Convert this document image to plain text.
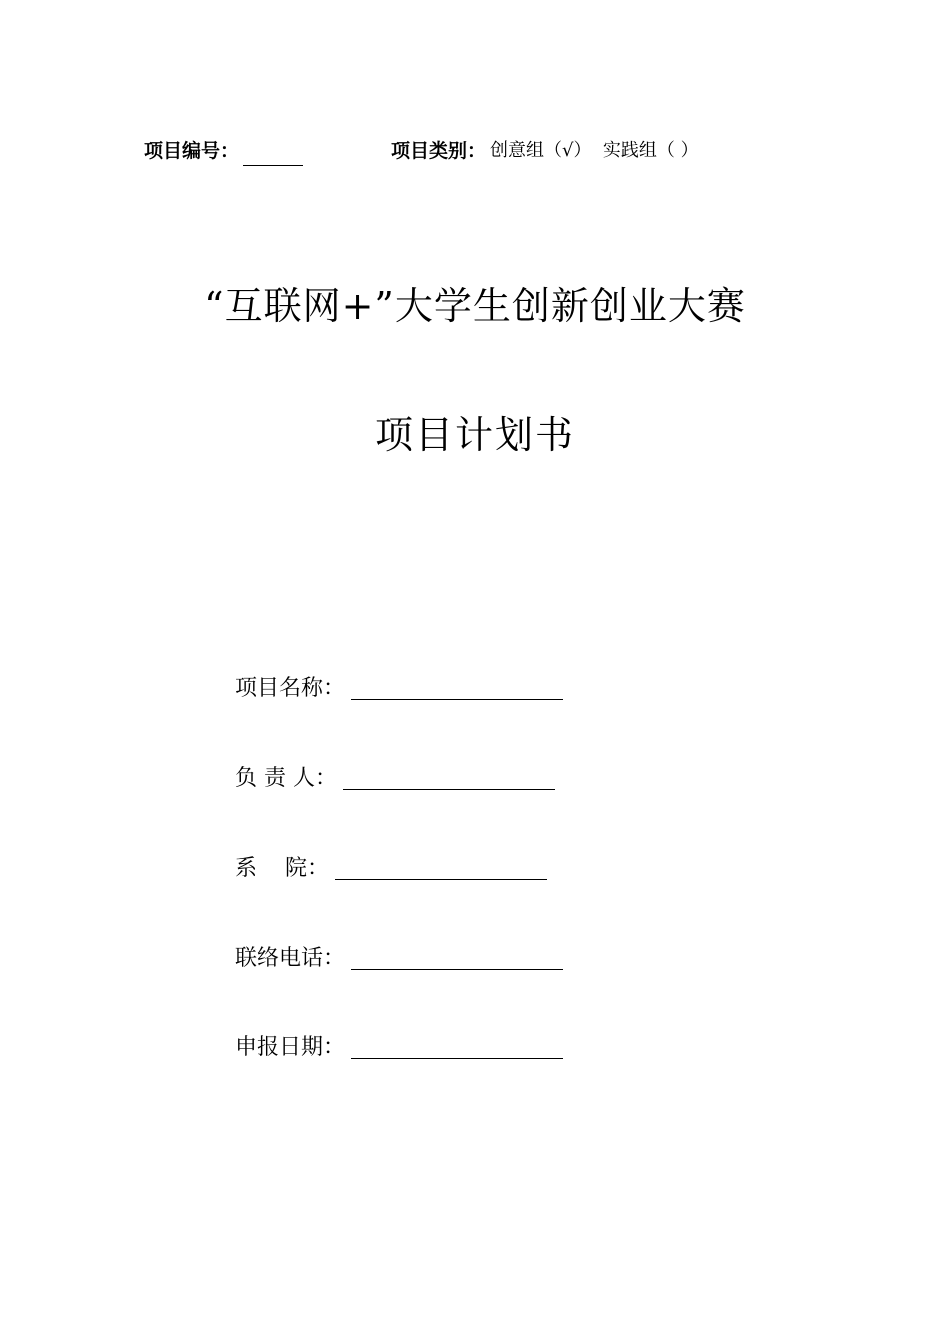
项目编号：	项目类别： 创意组（√）  实践组（ ）
“互联网+”大学生创新创业大赛
项目计划书
项目名称：
负 责 人：
系    院：
联络电话：
申报日期：
